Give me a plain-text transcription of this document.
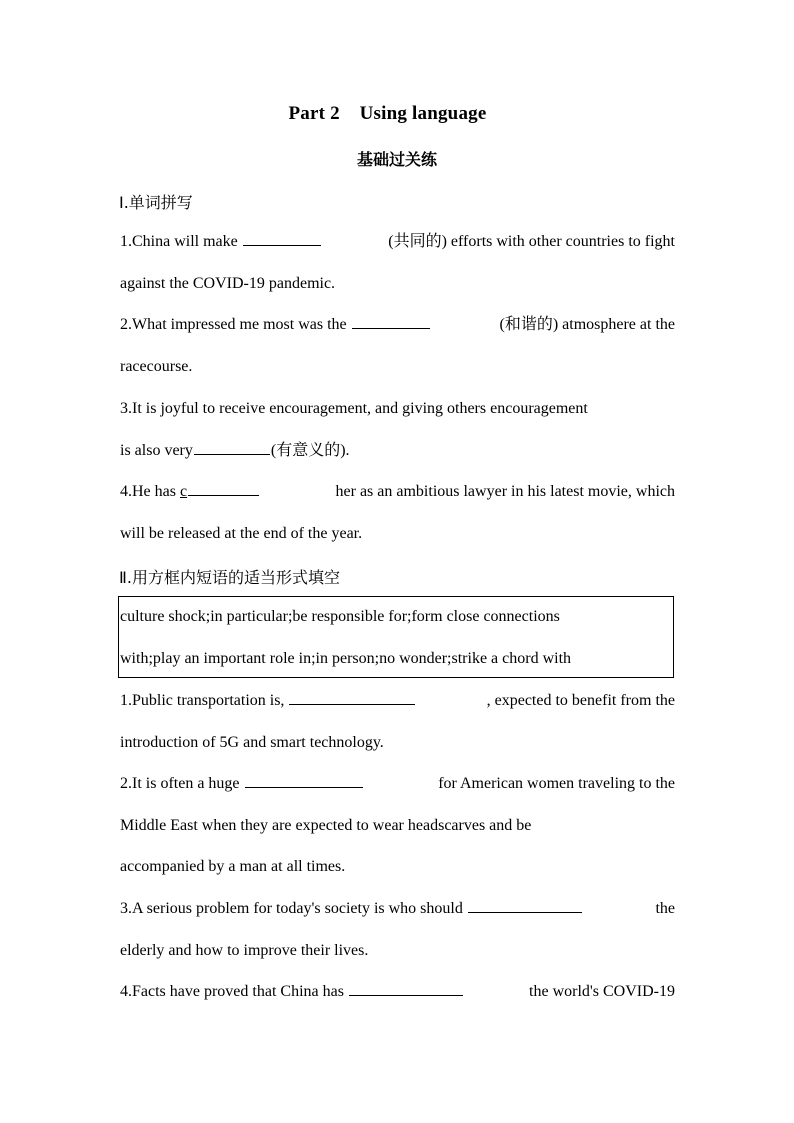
Part 2    Using language
基础过关练
Ⅰ.单词拼写
1.China will make	(共同的) efforts with other countries to fight
against the COVID-19 pandemic.
2.What impressed me most was the	(和谐的) atmosphere at the
racecourse.
3.It is joyful to receive encouragement, and giving others encouragement
is also very	(有意义的).
4.He has c	her as an ambitious lawyer in his latest movie, which
will be released at the end of the year.
Ⅱ.用方框内短语的适当形式填空
culture shock;in particular;be responsible for;form close connections
with;play an important role in;in person;no wonder;strike a chord with
1.Public transportation is,	, expected to benefit from the
introduction of 5G and smart technology.
2.It is often a huge	for American women traveling to the
Middle East when they are expected to wear headscarves and be
accompanied by a man at all times.
3.A serious problem for today's society is who should	the
elderly and how to improve their lives.
4.Facts have proved that China has	the world's COVID-19
